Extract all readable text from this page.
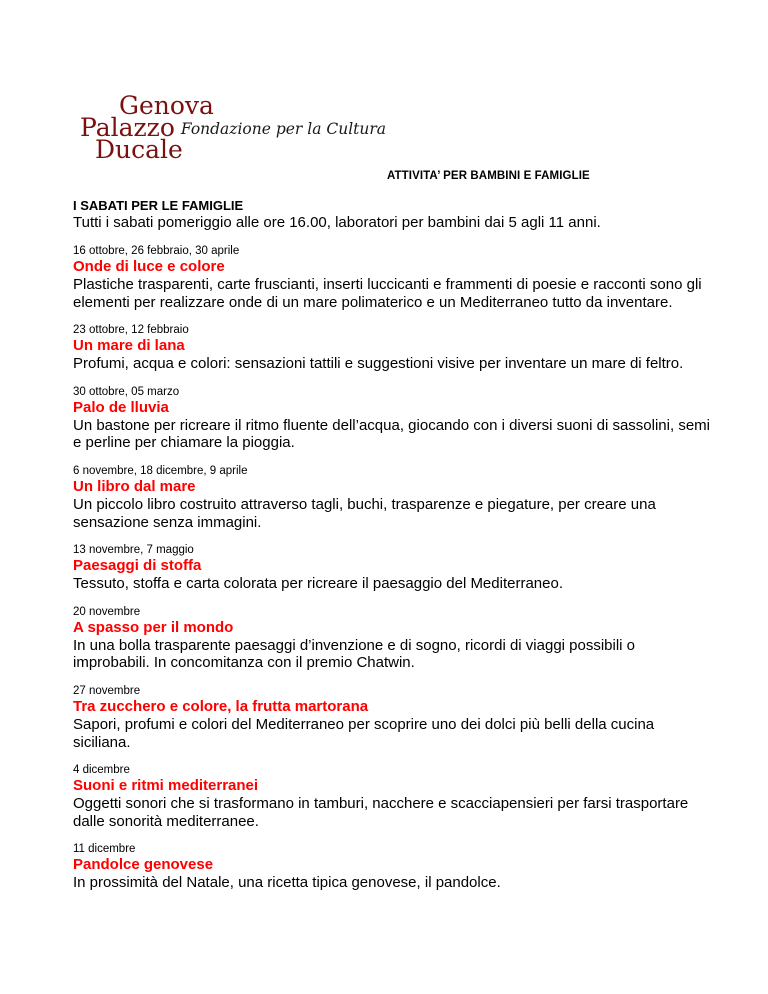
Genova
Palazzo Fondazione per la Cultura
Ducale
ATTIVITA’ PER BAMBINI E FAMIGLIE
I SABATI PER LE FAMIGLIE
Tutti i sabati pomeriggio alle ore 16.00, laboratori per bambini dai 5 agli 11 anni.
16 ottobre, 26 febbraio, 30 aprile
Onde di luce e colore
Plastiche trasparenti, carte fruscianti, inserti luccicanti e frammenti di poesie e racconti sono gli elementi per realizzare onde di un mare polimaterico e un Mediterraneo tutto da inventare.
23 ottobre, 12 febbraio
Un mare di lana
Profumi, acqua e colori: sensazioni tattili e suggestioni visive per inventare un mare di feltro.
30 ottobre, 05 marzo
Palo de lluvia
Un bastone per ricreare il ritmo fluente dell’acqua, giocando con i diversi suoni di sassolini, semi e perline per chiamare la pioggia.
6 novembre, 18 dicembre, 9 aprile
Un libro dal mare
Un piccolo libro costruito attraverso tagli, buchi, trasparenze e piegature, per creare una sensazione senza immagini.
13 novembre, 7 maggio
Paesaggi di stoffa
Tessuto, stoffa e carta colorata per ricreare il paesaggio del Mediterraneo.
20 novembre
A spasso per il mondo
In una bolla trasparente paesaggi d’invenzione e di sogno, ricordi di viaggi possibili o improbabili. In concomitanza con il premio Chatwin.
27 novembre
Tra zucchero e colore, la frutta martorana
Sapori, profumi e colori del Mediterraneo per scoprire uno dei dolci più belli della cucina siciliana.
4 dicembre
Suoni e ritmi mediterranei
Oggetti sonori che si trasformano in tamburi, nacchere e scacciapensieri per farsi trasportare dalle sonorità mediterranee.
11 dicembre
Pandolce genovese
In prossimità del Natale, una ricetta tipica genovese, il pandolce.
